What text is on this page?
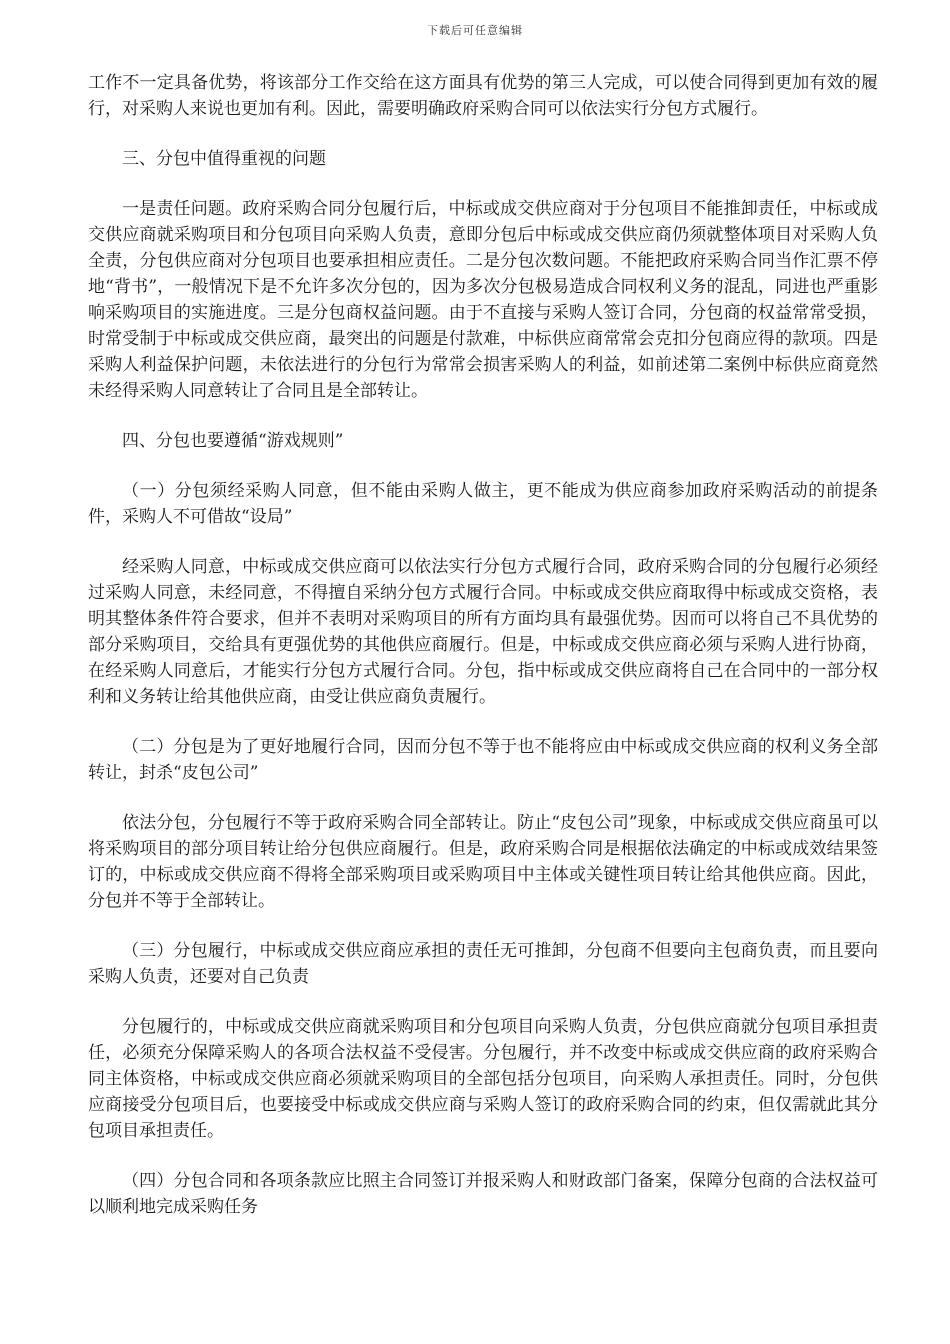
下载后可任意编辑

工作不一定具备优势，将该部分工作交给在这方面具有优势的第三人完成，可以使合同得到更加有效的履行，对采购人来说也更加有利。因此，需要明确政府采购合同可以依法实行分包方式履行。

三、分包中值得重视的问题

一是责任问题。政府采购合同分包履行后，中标或成交供应商对于分包项目不能推卸责任，中标或成交供应商就采购项目和分包项目向采购人负责，意即分包后中标或成交供应商仍须就整体项目对采购人负全责，分包供应商对分包项目也要承担相应责任。二是分包次数问题。不能把政府采购合同当作汇票不停地“背书”，一般情况下是不允许多次分包的，因为多次分包极易造成合同权利义务的混乱，同进也严重影响采购项目的实施进度。三是分包商权益问题。由于不直接与采购人签订合同，分包商的权益常常受损，时常受制于中标或成交供应商，最突出的问题是付款难，中标供应商常常会克扣分包商应得的款项。四是采购人利益保护问题，未依法进行的分包行为常常会损害采购人的利益，如前述第二案例中标供应商竟然未经得采购人同意转让了合同且是全部转让。

四、分包也要遵循“游戏规则”

（一）分包须经采购人同意，但不能由采购人做主，更不能成为供应商参加政府采购活动的前提条件，采购人不可借故“设局”

经采购人同意，中标或成交供应商可以依法实行分包方式履行合同，政府采购合同的分包履行必须经过采购人同意，未经同意，不得擅自采纳分包方式履行合同。中标或成交供应商取得中标或成交资格，表明其整体条件符合要求，但并不表明对采购项目的所有方面均具有最强优势。因而可以将自己不具优势的部分采购项目，交给具有更强优势的其他供应商履行。但是，中标或成交供应商必须与采购人进行协商，在经采购人同意后，才能实行分包方式履行合同。分包，指中标或成交供应商将自己在合同中的一部分权利和义务转让给其他供应商，由受让供应商负责履行。

（二）分包是为了更好地履行合同，因而分包不等于也不能将应由中标或成交供应商的权利义务全部转让，封杀“皮包公司”

依法分包，分包履行不等于政府采购合同全部转让。防止“皮包公司”现象，中标或成交供应商虽可以将采购项目的部分项目转让给分包供应商履行。但是，政府采购合同是根据依法确定的中标或成效结果签订的，中标或成交供应商不得将全部采购项目或采购项目中主体或关键性项目转让给其他供应商。因此，分包并不等于全部转让。

（三）分包履行，中标或成交供应商应承担的责任无可推卸，分包商不但要向主包商负责，而且要向采购人负责，还要对自己负责

分包履行的，中标或成交供应商就采购项目和分包项目向采购人负责，分包供应商就分包项目承担责任，必须充分保障采购人的各项合法权益不受侵害。分包履行，并不改变中标或成交供应商的政府采购合同主体资格，中标或成交供应商必须就采购项目的全部包括分包项目，向采购人承担责任。同时，分包供应商接受分包项目后，也要接受中标或成交供应商与采购人签订的政府采购合同的约束，但仅需就此其分包项目承担责任。

（四）分包合同和各项条款应比照主合同签订并报采购人和财政部门备案，保障分包商的合法权益可以顺利地完成采购任务
